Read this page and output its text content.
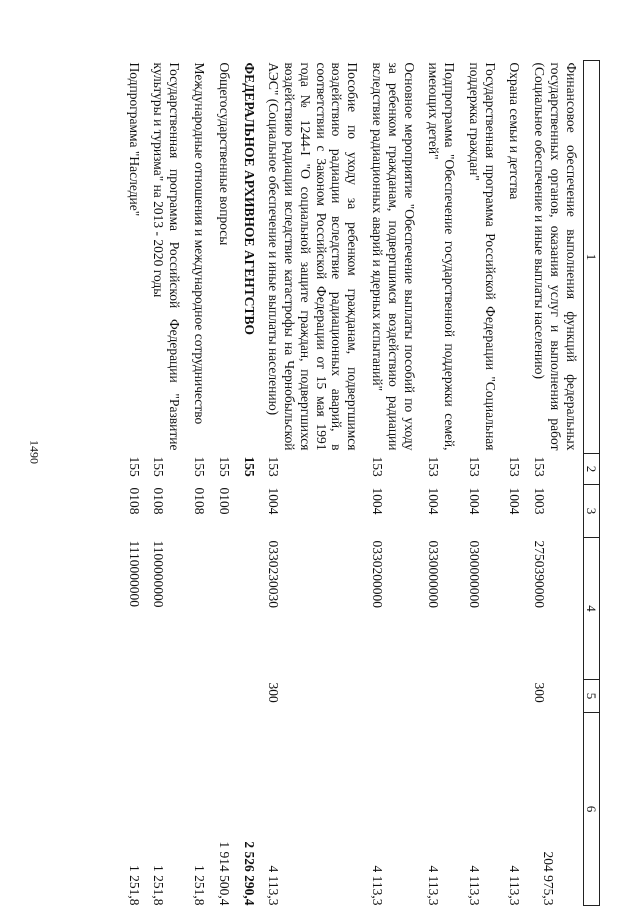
1490
1	2	3	4	5	6
Финансовое обеспечение выполнения функций федеральных государственных органов, оказания услуг и выполнения работ (Социальное обеспечение и иные выплаты населению)	153	1003	2750390000	300	204 975,3
Охрана семьи и детства	153	1004			4 113,3
Государственная программа Российской Федерации "Социальная поддержка граждан"	153	1004	0300000000		4 113,3
Подпрограмма "Обеспечение государственной поддержки семей, имеющих детей"	153	1004	0330000000		4 113,3
Основное мероприятие "Обеспечение выплаты пособий по уходу за ребенком гражданам, подвергшимся воздействию радиации вследствие радиационных аварий и ядерных испытаний"	153	1004	0330200000		4 113,3
Пособие по уходу за ребенком гражданам, подвергшимся воздействию радиации вследствие радиационных аварий, в соответствии с Законом Российской Федерации от 15 мая 1991 года № 1244-I "О социальной защите граждан, подвергшихся воздействию радиации вследствие катастрофы на Чернобыльской АЭС" (Социальное обеспечение и иные выплаты населению)	153	1004	0330230030	300	4 113,3
ФЕДЕРАЛЬНОЕ АРХИВНОЕ АГЕНТСТВО	155				2 526 290,4
Общегосударственные вопросы	155	0100			1 914 500,4
Международные отношения и международное сотрудничество	155	0108			1 251,8
Государственная программа Российской Федерации "Развитие культуры и туризма" на 2013 - 2020 годы	155	0108	1100000000		1 251,8
Подпрограмма "Наследие"	155	0108	1110000000		1 251,8
